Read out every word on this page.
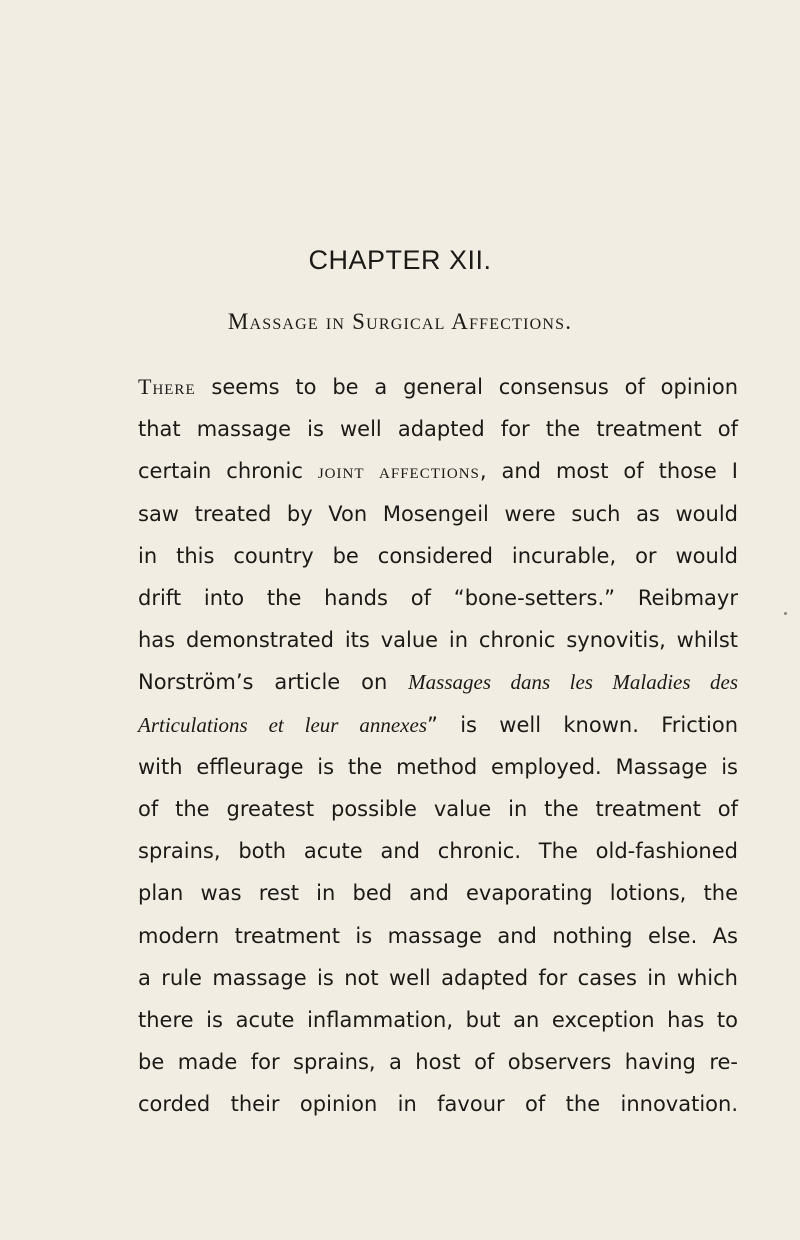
CHAPTER XII.
Massage in Surgical Affections.
There seems to be a general consensus of opinion
that massage is well adapted for the treatment of
certain chronic joint affections, and most of those I
saw treated by Von Mosengeil were such as would
in this country be considered incurable, or would
drift into the hands of “bone-setters.” Reibmayr
has demonstrated its value in chronic synovitis, whilst
Norström’s article on Massages dans les Maladies des
Articulations et leur annexes” is well known. Friction
with effleurage is the method employed. Massage is
of the greatest possible value in the treatment of
sprains, both acute and chronic. The old-fashioned
plan was rest in bed and evaporating lotions, the
modern treatment is massage and nothing else. As
a rule massage is not well adapted for cases in which
there is acute inflammation, but an exception has to
be made for sprains, a host of observers having re-
corded their opinion in favour of the innovation.
